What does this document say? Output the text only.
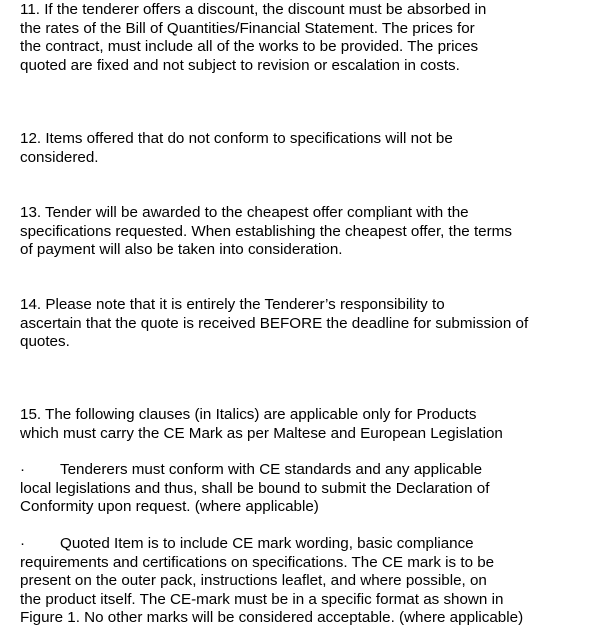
11. If the tenderer offers a discount, the discount must be absorbed in
the rates of the Bill of Quantities/Financial Statement. The prices for
the contract, must include all of the works to be provided. The prices
quoted are fixed and not subject to revision or escalation in costs.

12. Items offered that do not conform to specifications will not be
considered.

13. Tender will be awarded to the cheapest offer compliant with the
specifications requested. When establishing the cheapest offer, the terms
of payment will also be taken into consideration.

14. Please note that it is entirely the Tenderer’s responsibility to
ascertain that the quote is received BEFORE the deadline for submission of
quotes.

15. The following clauses (in Italics) are applicable only for Products
which must carry the CE Mark as per Maltese and European Legislation

· Tenderers must conform with CE standards and any applicable
local legislations and thus, shall be bound to submit the Declaration of
Conformity upon request. (where applicable)

· Quoted Item is to include CE mark wording, basic compliance
requirements and certifications on specifications. The CE mark is to be
present on the outer pack, instructions leaflet, and where possible, on
the product itself. The CE-mark must be in a specific format as shown in
Figure 1. No other marks will be considered acceptable. (where applicable)
